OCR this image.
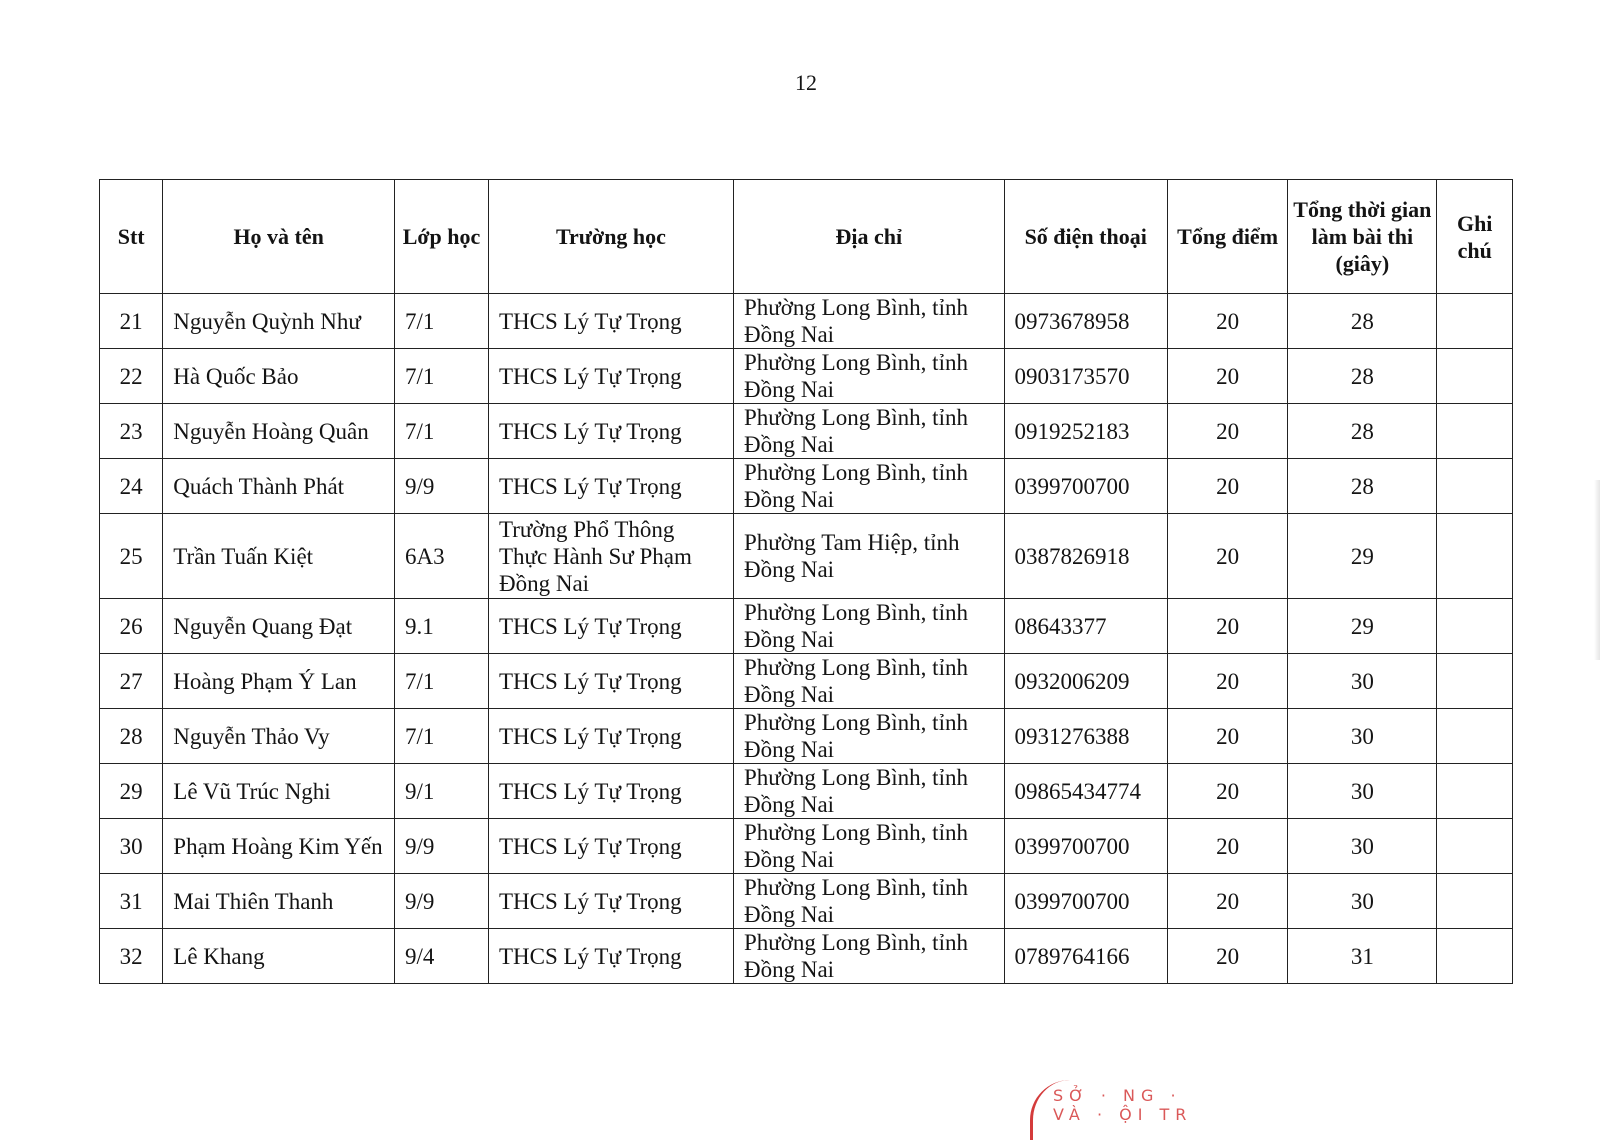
12
Stt	Họ và tên	Lớp học	Trường học	Địa chỉ	Số điện thoại	Tổng điểm	Tổng thời gian làm bài thi (giây)	Ghi chú
21	Nguyễn Quỳnh Như	7/1	THCS Lý Tự Trọng	Phường Long Bình, tỉnh Đồng Nai	0973678958	20	28	
22	Hà Quốc Bảo	7/1	THCS Lý Tự Trọng	Phường Long Bình, tỉnh Đồng Nai	0903173570	20	28	
23	Nguyễn Hoàng Quân	7/1	THCS Lý Tự Trọng	Phường Long Bình, tỉnh Đồng Nai	0919252183	20	28	
24	Quách Thành Phát	9/9	THCS Lý Tự Trọng	Phường Long Bình, tỉnh Đồng Nai	0399700700	20	28	
25	Trần Tuấn Kiệt	6A3	Trường Phổ Thông Thực Hành Sư Phạm Đồng Nai	Phường Tam Hiệp, tỉnh Đồng Nai	0387826918	20	29	
26	Nguyễn Quang Đạt	9.1	THCS Lý Tự Trọng	Phường Long Bình, tỉnh Đồng Nai	08643377	20	29	
27	Hoàng Phạm Ý Lan	7/1	THCS Lý Tự Trọng	Phường Long Bình, tỉnh Đồng Nai	0932006209	20	30	
28	Nguyễn Thảo Vy	7/1	THCS Lý Tự Trọng	Phường Long Bình, tỉnh Đồng Nai	0931276388	20	30	
29	Lê Vũ Trúc Nghi	9/1	THCS Lý Tự Trọng	Phường Long Bình, tỉnh Đồng Nai	09865434774	20	30	
30	Phạm Hoàng Kim Yến	9/9	THCS Lý Tự Trọng	Phường Long Bình, tỉnh Đồng Nai	0399700700	20	30	
31	Mai Thiên Thanh	9/9	THCS Lý Tự Trọng	Phường Long Bình, tỉnh Đồng Nai	0399700700	20	30	
32	Lê Khang	9/4	THCS Lý Tự Trọng	Phường Long Bình, tỉnh Đồng Nai	0789764166	20	31	
SỞ · NG · VÀ · ỘI TR
